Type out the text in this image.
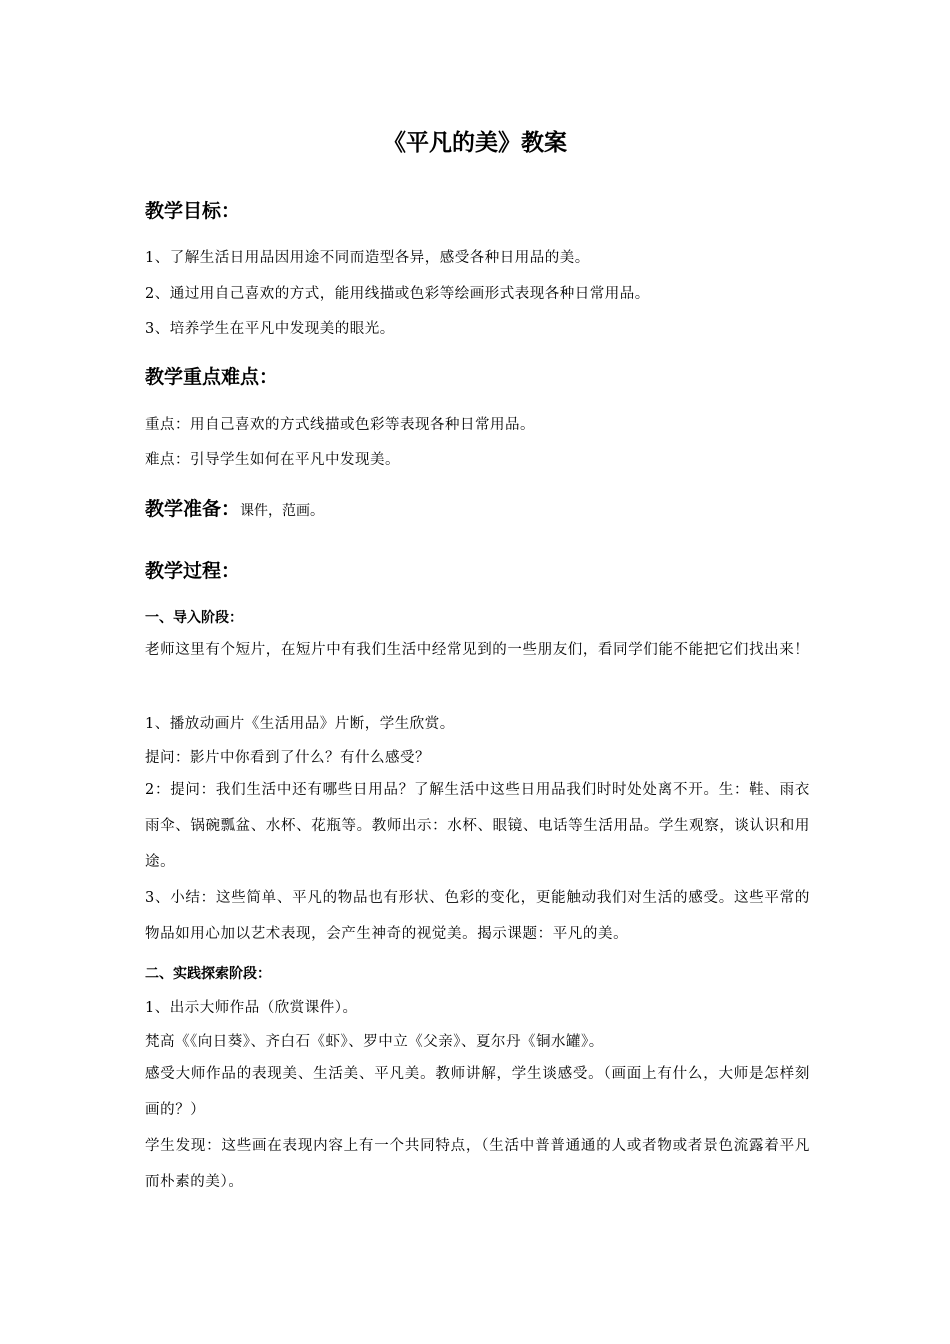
《平凡的美》教案
教学目标：
1、了解生活日用品因用途不同而造型各异，感受各种日用品的美。
2、通过用自己喜欢的方式，能用线描或色彩等绘画形式表现各种日常用品。
3、培养学生在平凡中发现美的眼光。
教学重点难点：
重点：用自己喜欢的方式线描或色彩等表现各种日常用品。
难点：引导学生如何在平凡中发现美。
教学准备：课件，范画。
教学过程：
一、导入阶段：
老师这里有个短片，在短片中有我们生活中经常见到的一些朋友们，看同学们能不能把它们找出来！
1、播放动画片《生活用品》片断，学生欣赏。
提问：影片中你看到了什么？有什么感受？
2：提问：我们生活中还有哪些日用品？了解生活中这些日用品我们时时处处离不开。生：鞋、雨衣雨伞、锅碗瓢盆、水杯、花瓶等。教师出示：水杯、眼镜、电话等生活用品。学生观察，谈认识和用途。
3、小结：这些简单、平凡的物品也有形状、色彩的变化，更能触动我们对生活的感受。这些平常的物品如用心加以艺术表现，会产生神奇的视觉美。揭示课题：平凡的美。
二、实践探索阶段：
1、出示大师作品（欣赏课件）。
梵高《《向日葵》、齐白石《虾》、罗中立《父亲》、夏尔丹《铜水罐》。
感受大师作品的表现美、生活美、平凡美。教师讲解，学生谈感受。（画面上有什么，大师是怎样刻画的？）
学生发现：这些画在表现内容上有一个共同特点，（生活中普普通通的人或者物或者景色流露着平凡而朴素的美）。
